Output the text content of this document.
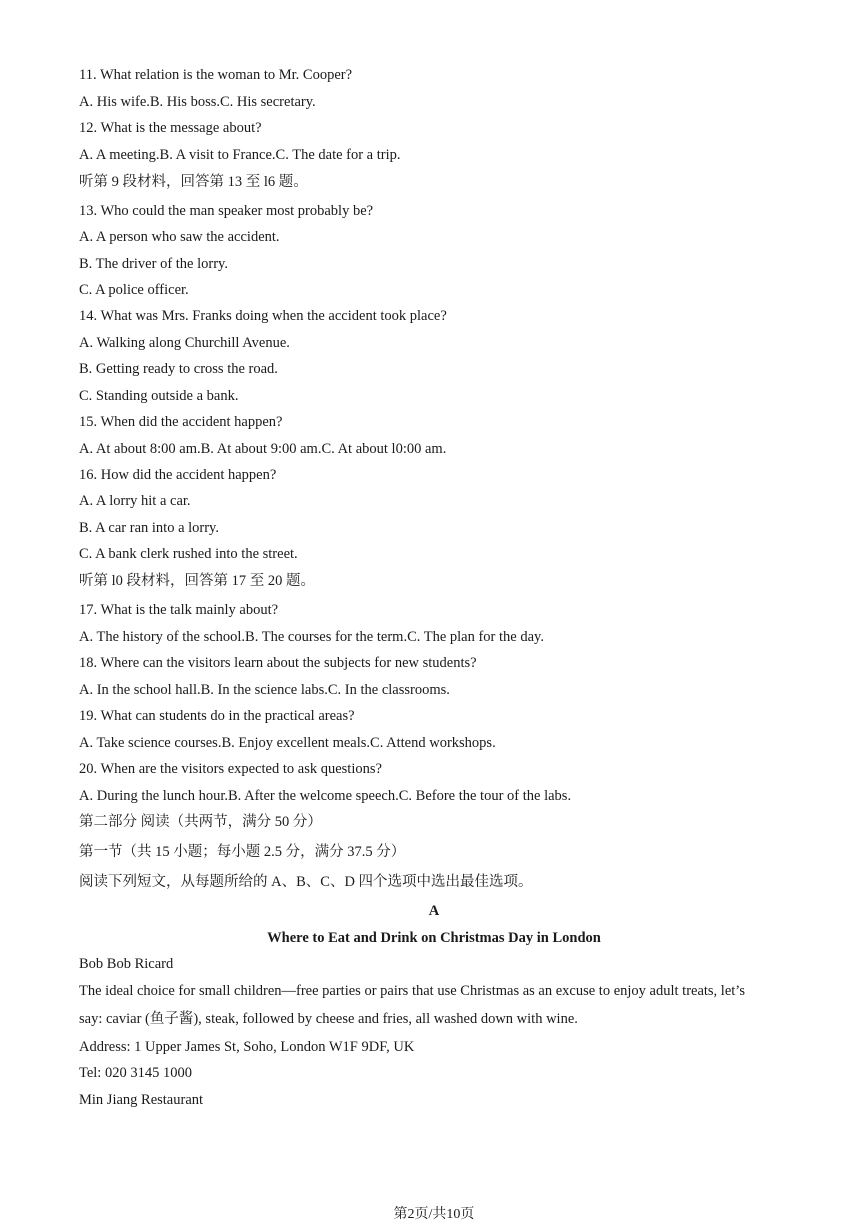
11. What relation is the woman to Mr. Cooper?
A. His wife.B. His boss.C. His secretary.
12. What is the message about?
A. A meeting.B. A visit to France.C. The date for a trip.
听第 9 段材料，回答第 13 至 l6 题。
13. Who could the man speaker most probably be?
A. A person who saw the accident.
B. The driver of the lorry.
C. A police officer.
14. What was Mrs. Franks doing when the accident took place?
A. Walking along Churchill Avenue.
B. Getting ready to cross the road.
C. Standing outside a bank.
15. When did the accident happen?
A. At about 8:00 am.B. At about 9:00 am.C. At about l0:00 am.
16. How did the accident happen?
A. A lorry hit a car.
B. A car ran into a lorry.
C. A bank clerk rushed into the street.
听第 l0 段材料，回答第 17 至 20 题。
17. What is the talk mainly about?
A. The history of the school.B. The courses for the term.C. The plan for the day.
18. Where can the visitors learn about the subjects for new students?
A. In the school hall.B. In the science labs.C. In the classrooms.
19. What can students do in the practical areas?
A. Take science courses.B. Enjoy excellent meals.C. Attend workshops.
20. When are the visitors expected to ask questions?
A. During the lunch hour.B. After the welcome speech.C. Before the tour of the labs.
第二部分 阅读（共两节，满分 50 分）
第一节（共 15 小题；每小题 2.5 分，满分 37.5 分）
阅读下列短文，从每题所给的 A、B、C、D 四个选项中选出最佳选项。
A
Where to Eat and Drink on Christmas Day in London
Bob Bob Ricard
The ideal choice for small children—free parties or pairs that use Christmas as an excuse to enjoy adult treats, let’s
say: caviar (鱼子酱), steak, followed by cheese and fries, all washed down with wine.
Address: 1 Upper James St, Soho, London W1F 9DF, UK
Tel: 020 3145 1000
Min Jiang Restaurant
第2页/共10页
